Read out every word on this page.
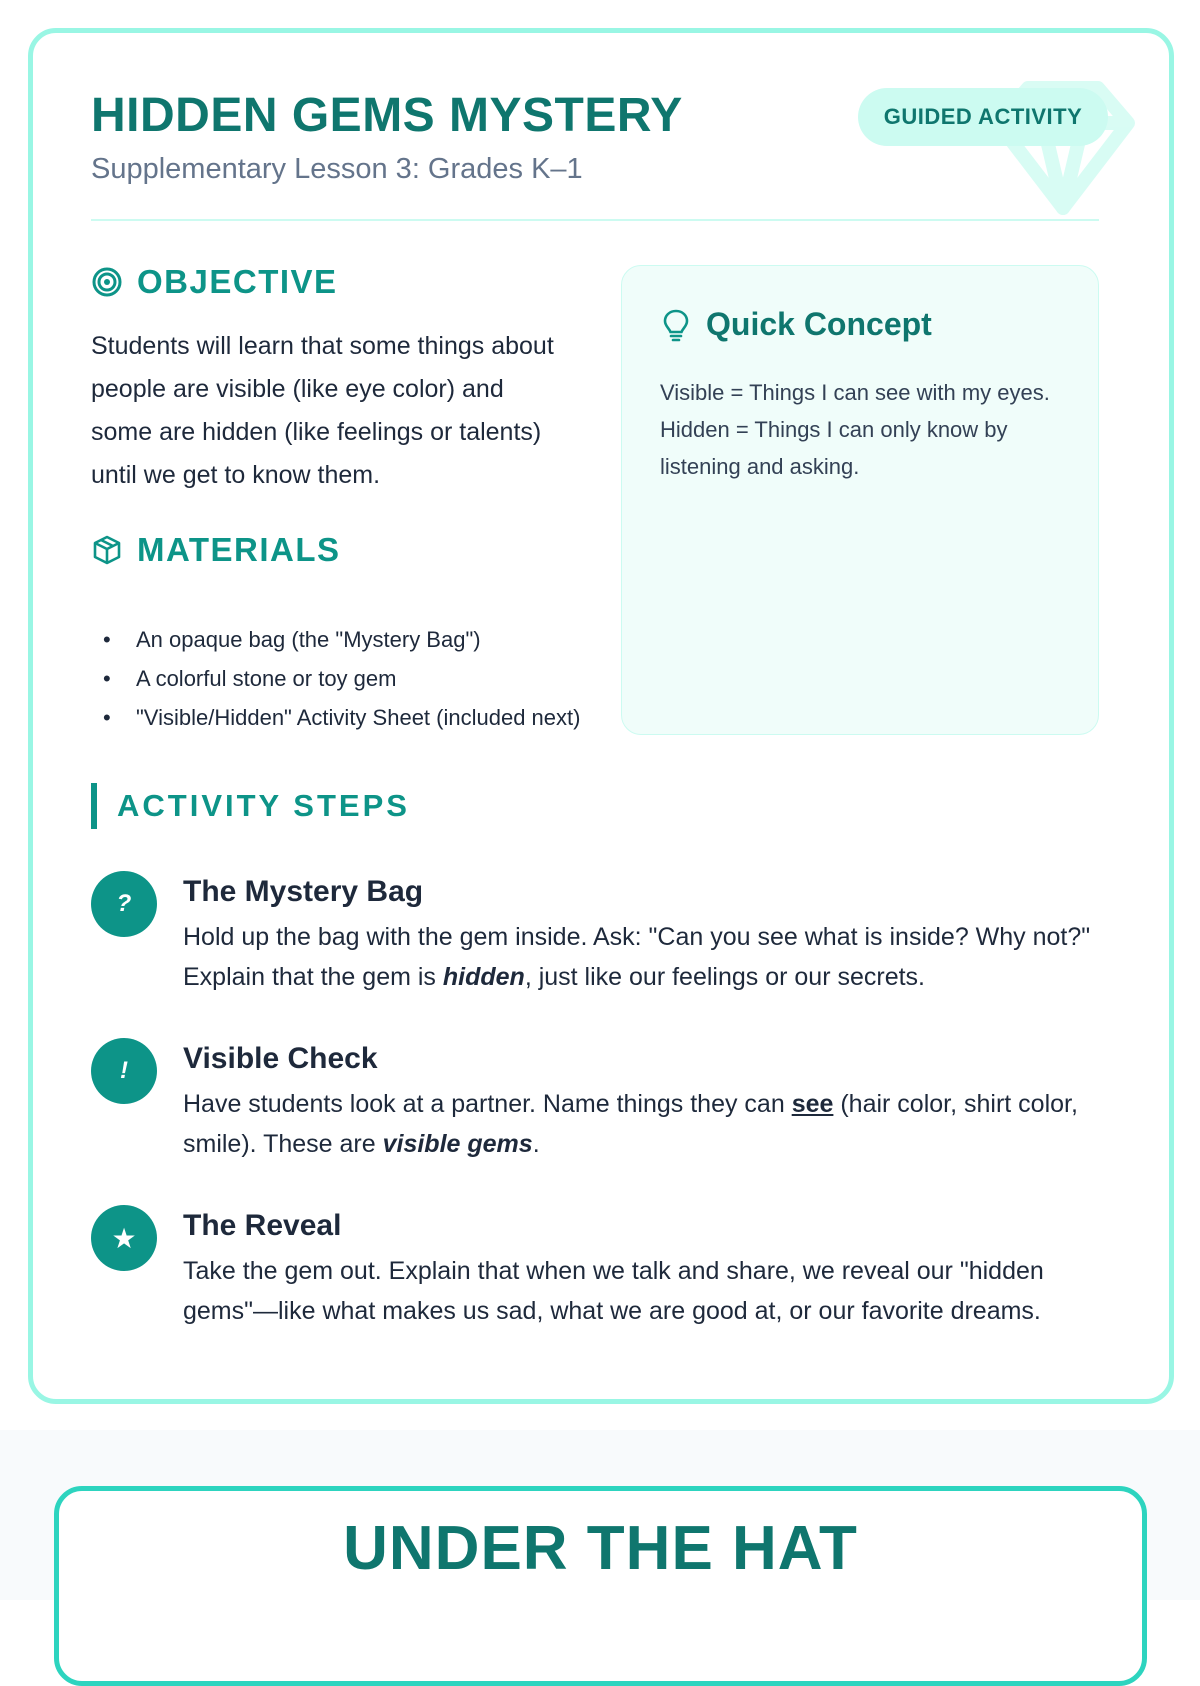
GUIDED ACTIVITY
HIDDEN GEMS MYSTERY
Supplementary Lesson 3: Grades K–1
OBJECTIVE

Students will learn that some things about people are visible (like eye color) and some are hidden (like feelings or talents) until we get to know them.

MATERIALS
• An opaque bag (the "Mystery Bag")
• A colorful stone or toy gem
• "Visible/Hidden" Activity Sheet (included next)
Quick Concept
Visible = Things I can see with my eyes.
Hidden = Things I can only know by listening and asking.
ACTIVITY STEPS
?	The Mystery Bag

Hold up the bag with the gem inside. Ask: "Can you see what is inside? Why not?" Explain that the gem is hidden, just like our feelings or our secrets.

!	Visible Check

Have students look at a partner. Name things they can see (hair color, shirt color, smile). These are visible gems.

★	The Reveal

Take the gem out. Explain that when we talk and share, we reveal our "hidden gems"—like what makes us sad, what we are good at, or our favorite dreams.

UNDER THE HAT
